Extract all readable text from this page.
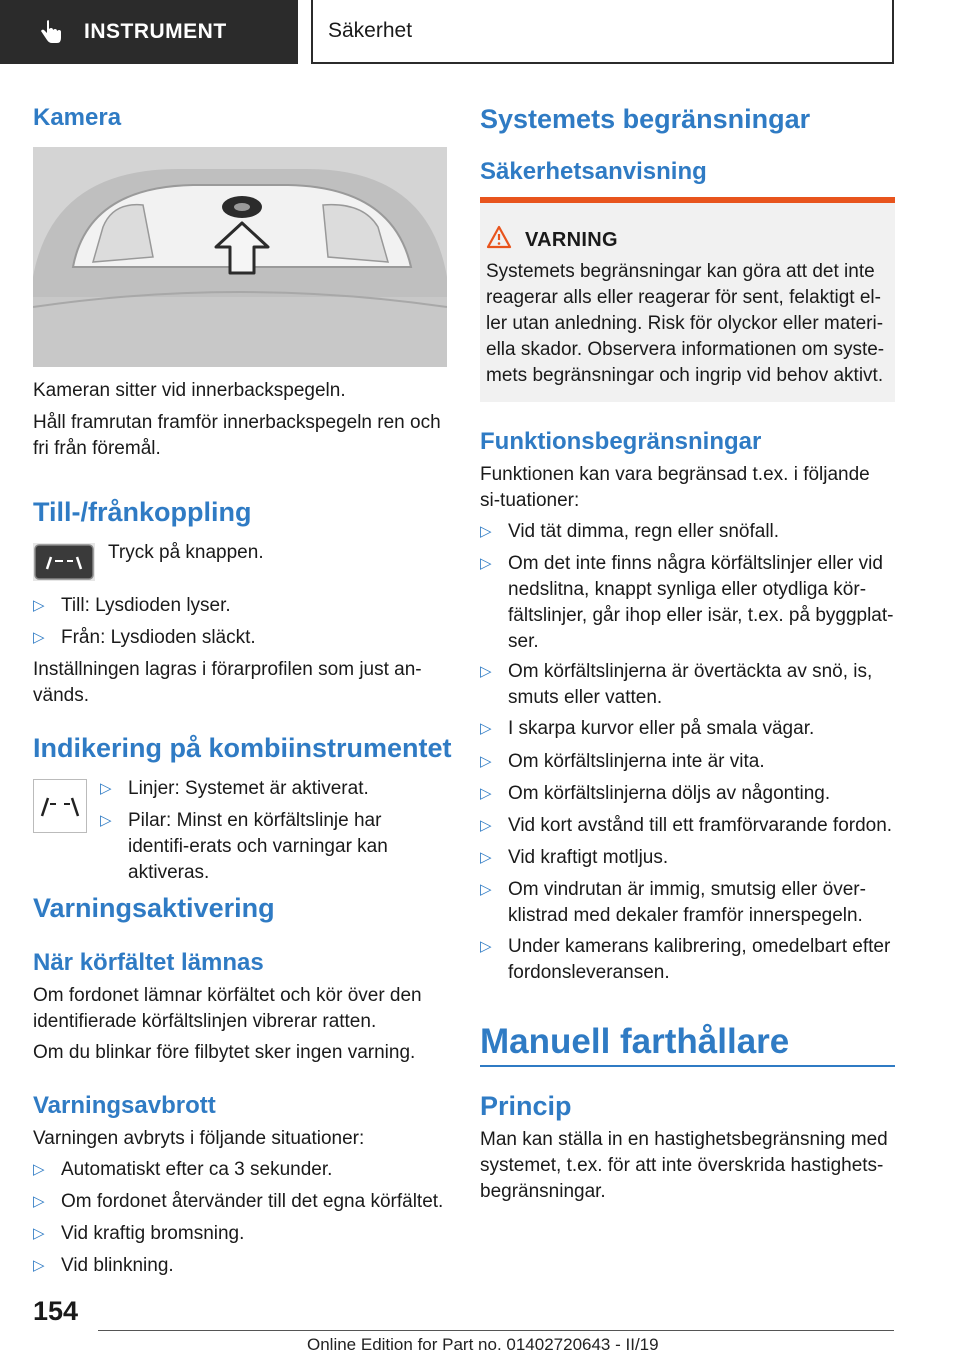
INSTRUMENT	Säkerhet
Kamera
Kameran sitter vid innerbackspegeln.
Håll framrutan framför innerbackspegeln ren och fri från föremål.
Till-/frånkoppling
Tryck på knappen.
▷ Till: Lysdioden lyser.
▷ Från: Lysdioden släckt.
Inställningen lagras i förarprofilen som just an-vänds.
Indikering på kombiinstrumentet
▷ Linjer: Systemet är aktiverat.
▷ Pilar: Minst en körfältslinje har identifi-erats och varningar kan aktiveras.
Varningsaktivering
När körfältet lämnas
Om fordonet lämnar körfältet och kör över den identifierade körfältslinjen vibrerar ratten.
Om du blinkar före filbytet sker ingen varning.
Varningsavbrott
Varningen avbryts i följande situationer:
▷ Automatiskt efter ca 3 sekunder.
▷ Om fordonet återvänder till det egna körfältet.
▷ Vid kraftig bromsning.
▷ Vid blinkning.
Systemets begränsningar
Säkerhetsanvisning
VARNING
Systemets begränsningar kan göra att det inte reagerar alls eller reagerar för sent, felaktigt el-ler utan anledning. Risk för olyckor eller materi-ella skador. Observera informationen om syste-mets begränsningar och ingrip vid behov aktivt.
Funktionsbegränsningar
Funktionen kan vara begränsad t.ex. i följande si-tuationer:
▷ Vid tät dimma, regn eller snöfall.
▷ Om det inte finns några körfältslinjer eller vid nedslitna, knappt synliga eller otydliga kör-fältslinjer, går ihop eller isär, t.ex. på byggplat-ser.
▷ Om körfältslinjerna är övertäckta av snö, is, smuts eller vatten.
▷ I skarpa kurvor eller på smala vägar.
▷ Om körfältslinjerna inte är vita.
▷ Om körfältslinjerna döljs av någonting.
▷ Vid kort avstånd till ett framförvarande fordon.
▷ Vid kraftigt motljus.
▷ Om vindrutan är immig, smutsig eller över-klistrad med dekaler framför innerspegeln.
▷ Under kamerans kalibrering, omedelbart efter fordonsleveransen.
Manuell farthållare
Princip
Man kan ställa in en hastighetsbegränsning med systemet, t.ex. för att inte överskrida hastighets-begränsningar.
154
Online Edition for Part no. 01402720643 - II/19
